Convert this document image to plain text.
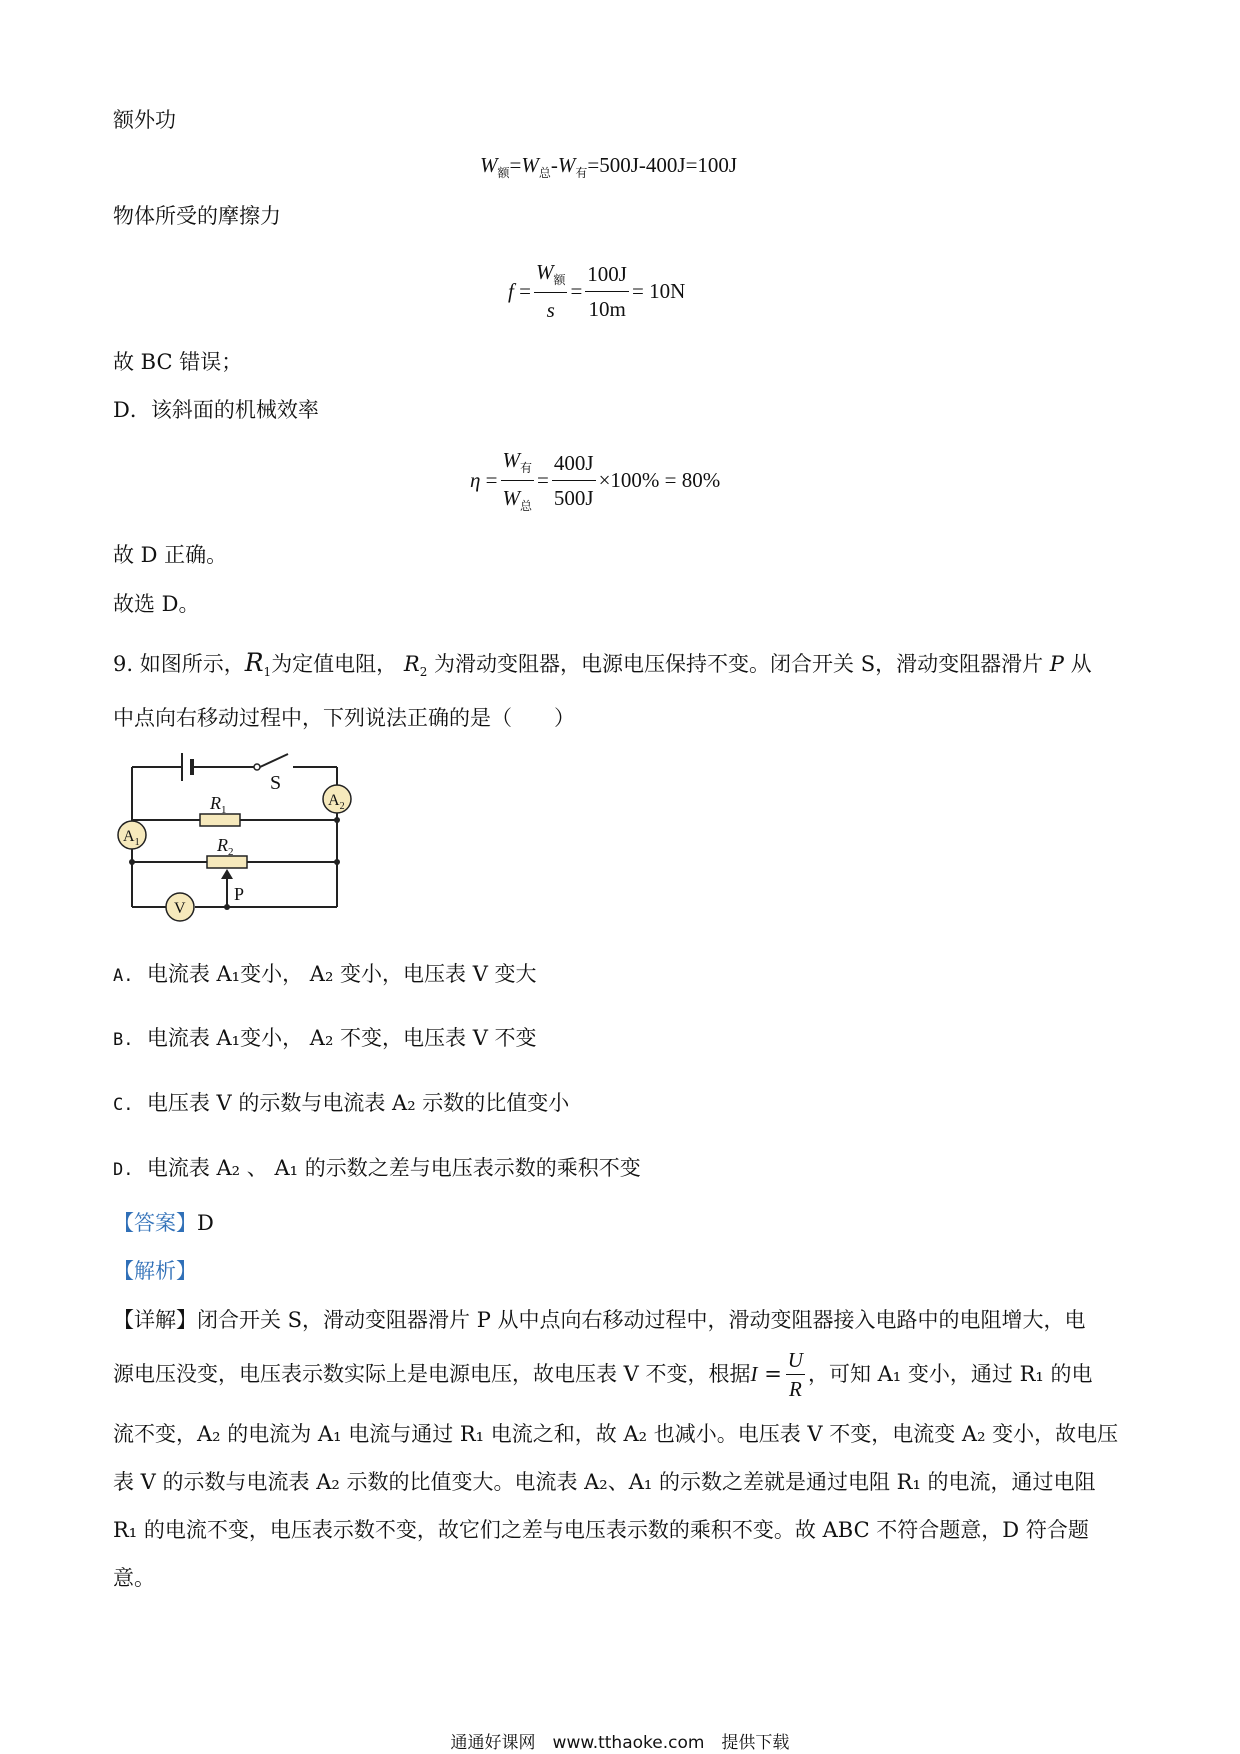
额外功
$W_额=W_总-W_有=500J-400J=100J$
物体所受的摩擦力
$f = \frac{W_额}{s} = \frac{100J}{10m} = 10N$
故 BC 错误；
D．该斜面的机械效率
$\eta = \frac{W_有}{W_总} = \frac{400J}{500J} \times 100\% = 80\%$
故 D 正确。
故选 D。
9. 如图所示，$R_1$为定值电阻， $R_2$ 为滑动变阻器，电源电压保持不变。闭合开关 S，滑动变阻器滑片 P 从
中点向右移动过程中，下列说法正确的是（　　）
S
$A_2$
$A_1$
V
$R_1$
$R_2$
P
A. 电流表 A₁变小， A₂ 变小，电压表 V 变大
B. 电流表 A₁变小， A₂ 不变，电压表 V 不变
C. 电压表 V 的示数与电流表 A₂ 示数的比值变小
D. 电流表 A₂ 、 A₁ 的示数之差与电压表示数的乘积不变
【答案】D
【解析】
【详解】闭合开关 S，滑动变阻器滑片 P 从中点向右移动过程中，滑动变阻器接入电路中的电阻增大，电
源电压没变，电压表示数实际上是电源电压，故电压表 V 不变，根据 $I = \frac{U}{R}$ ，可知 A₁ 变小，通过 R₁ 的电
流不变，A₂ 的电流为 A₁ 电流与通过 R₁ 电流之和，故 A₂ 也减小。电压表 V 不变，电流变 A₂ 变小，故电压
表 V 的示数与电流表 A₂ 示数的比值变大。电流表 A₂、A₁ 的示数之差就是通过电阻 R₁ 的电流，通过电阻
R₁ 的电流不变，电压表示数不变，故它们之差与电压表示数的乘积不变。故 ABC 不符合题意，D 符合题
意。
通通好课网　www.tthaoke.com　提供下载
